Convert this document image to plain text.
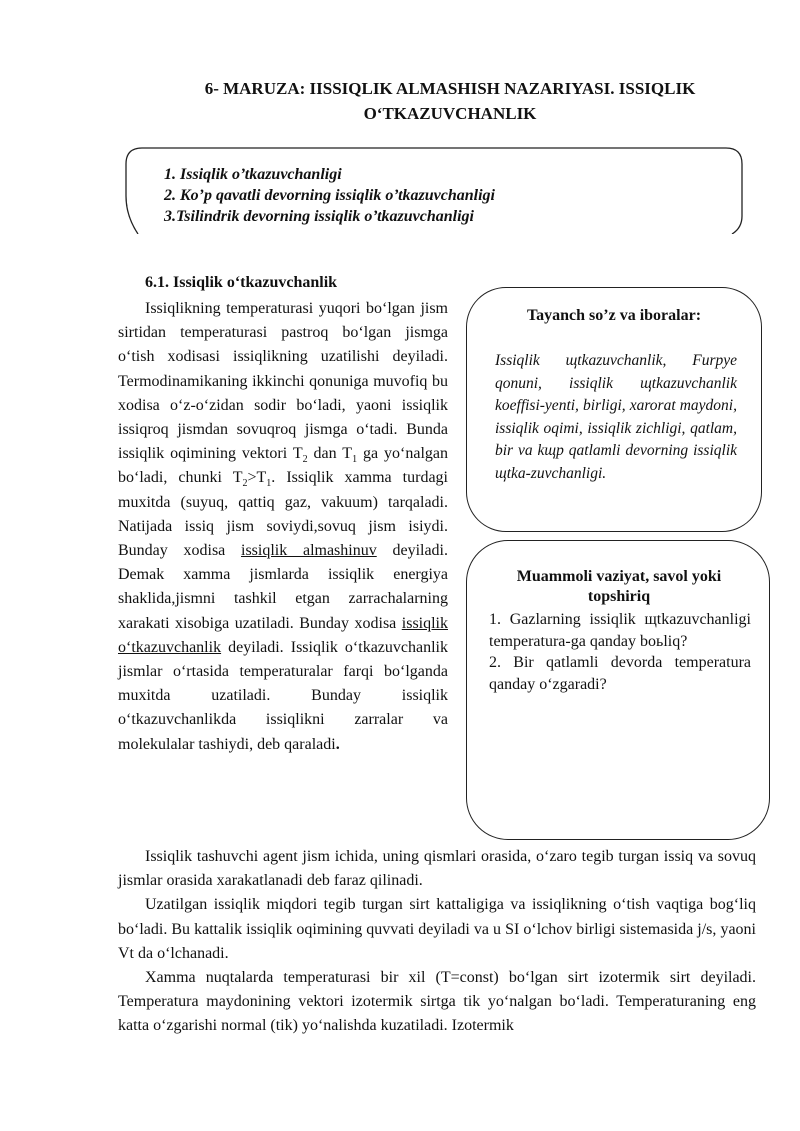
6- MARUZA: IISSIQLIK ALMASHISH NAZARIYASI. ISSIQLIK O‘TKAZUVCHANLIK
1. Issiqlik o’tkazuvchanligi
2. Ko’p qavatli devorning issiqlik o’tkazuvchanligi
3.Tsilindrik devorning issiqlik o’tkazuvchanligi
6.1. Issiqlik o‘tkazuvchanlik

Issiqlikning temperaturasi yuqori bo‘lgan jism sirtidan temperaturasi pastroq bo‘lgan jismga o‘tish xodisasi issiqlikning uzatilishi deyiladi. Termodinamikaning ikkinchi qonuniga muvofiq bu xodisa o‘z-o‘zidan sodir bo‘ladi, yaoni issiqlik issiqroq jismdan sovuqroq jismga o‘tadi. Bunda issiqlik oqimining vektori $T_2$ dan $T_1$ ga yo‘nalgan bo‘ladi, chunki $T_2>T_1$. Issiqlik xamma turdagi muxitda (suyuq, qattiq gaz, vakuum) tarqaladi. Natijada issiq jism soviydi,sovuq jism isiydi. Bunday xodisa issiqlik almashinuv deyiladi. Demak xamma jismlarda issiqlik energiya shaklida,jismni tashkil etgan zarrachalarning xarakati xisobiga uzatiladi. Bunday xodisa issiqlik o‘tkazuvchanlik deyiladi. Issiqlik o‘tkazuvchanlik jismlar o‘rtasida temperaturalar farqi bo‘lganda muxitda uzatiladi. Bunday issiqlik o‘tkazuvchanlikda issiqlikni zarralar va molekulalar tashiydi, deb qaraladi.

Tayanch so’z va iboralar:
Issiqlik щtkazuvchanlik, Furpye qonuni, issiqlik щtkazuvchanlik koeffisi-yenti, birligi, xarorat maydoni, issiqlik oqimi, issiqlik zichligi, qatlam, bir va kщp qatlamli devorning issiqlik щtka-zuvchanligi.
Muammoli vaziyat, savol yoki topshiriq

1. Gazlarning issiqlik щtkazuvchanligi temperatura-ga qanday boьliq?

2. Bir qatlamli devorda temperatura qanday o‘zgaradi?

Issiqlik tashuvchi agent jism ichida, uning qismlari orasida, o‘zaro tegib turgan issiq va sovuq jismlar orasida xarakatlanadi deb faraz qilinadi.

Uzatilgan issiqlik miqdori tegib turgan sirt kattaligiga va issiqlikning o‘tish vaqtiga bog‘liq bo‘ladi. Bu kattalik issiqlik oqimining quvvati deyiladi va u SI o‘lchov birligi sistemasida j/s, yaoni Vt da o‘lchanadi.

Xamma nuqtalarda temperaturasi bir xil (T=const) bo‘lgan sirt izotermik sirt deyiladi. Temperatura maydonining vektori izotermik sirtga tik yo‘nalgan bo‘ladi. Temperaturaning eng katta o‘zgarishi normal (tik) yo‘nalishda kuzatiladi. Izotermik
